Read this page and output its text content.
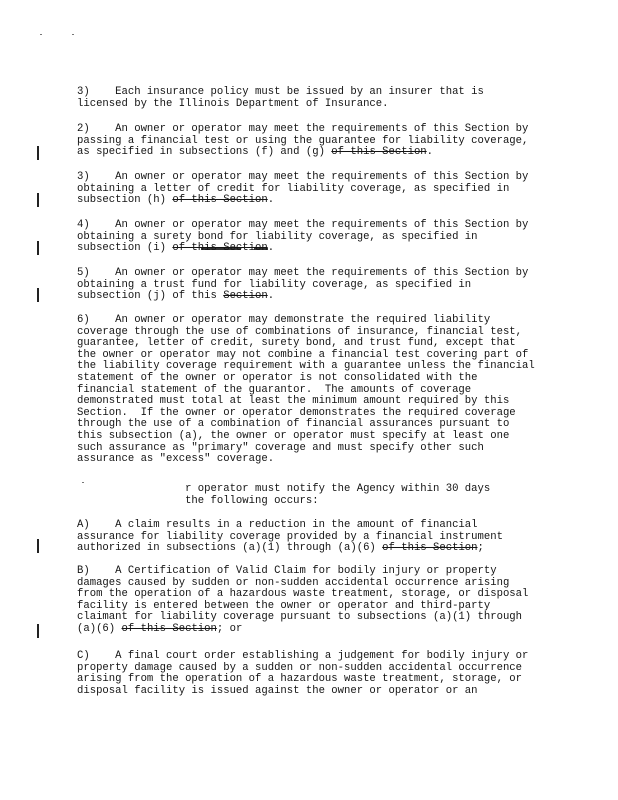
3)    Each insurance policy must be issued by an insurer that is
licensed by the Illinois Department of Insurance.
2)    An owner or operator may meet the requirements of this Section by
passing a financial test or using the guarantee for liability coverage,
as specified in subsections (f) and (g) of this Section.
3)    An owner or operator may meet the requirements of this Section by
obtaining a letter of credit for liability coverage, as specified in
subsection (h) of this Section.
4)    An owner or operator may meet the requirements of this Section by
obtaining a surety bond for liability coverage, as specified in
subsection (i) of this Section.
5)    An owner or operator may meet the requirements of this Section by
obtaining a trust fund for liability coverage, as specified in
subsection (j) of this Section.
6)    An owner or operator may demonstrate the required liability
coverage through the use of combinations of insurance, financial test,
guarantee, letter of credit, surety bond, and trust fund, except that
the owner or operator may not combine a financial test covering part of
the liability coverage requirement with a guarantee unless the financial
statement of the owner or operator is not consolidated with the
financial statement of the guarantor.  The amounts of coverage
demonstrated must total at least the minimum amount required by this
Section.  If the owner or operator demonstrates the required coverage
through the use of a combination of financial assurances pursuant to
this subsection (a), the owner or operator must specify at least one
such assurance as "primary" coverage and must specify other such
assurance as "excess" coverage.
r operator must notify the Agency within 30 days
the following occurs:
A)    A claim results in a reduction in the amount of financial
assurance for liability coverage provided by a financial instrument
authorized in subsections (a)(1) through (a)(6) of this Section;
B)    A Certification of Valid Claim for bodily injury or property
damages caused by sudden or non-sudden accidental occurrence arising
from the operation of a hazardous waste treatment, storage, or disposal
facility is entered between the owner or operator and third-party
claimant for liability coverage pursuant to subsections (a)(1) through
(a)(6) of this Section; or
C)    A final court order establishing a judgement for bodily injury or
property damage caused by a sudden or non-sudden accidental occurrence
arising from the operation of a hazardous waste treatment, storage, or
disposal facility is issued against the owner or operator or an
